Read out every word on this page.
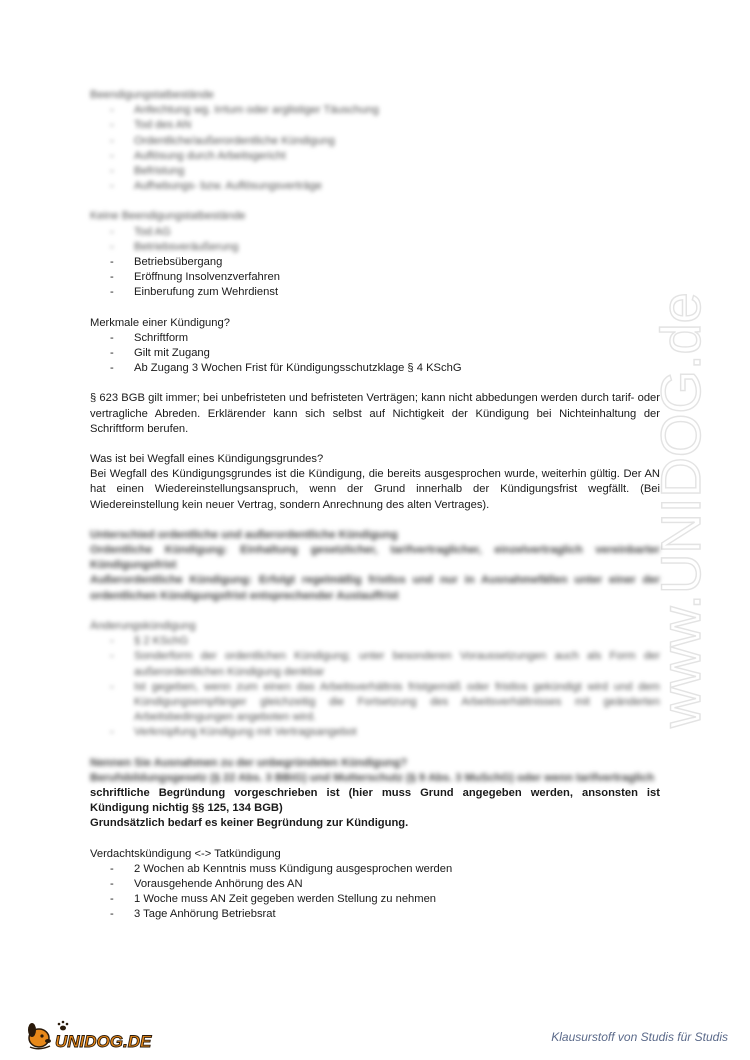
www.UNIDOG.de

Beendigungstatbestände

- Anfechtung wg. Irrtum oder arglistiger Täuschung
- Tod des AN
- Ordentliche/außerordentliche Kündigung
- Auflösung durch Arbeitsgericht
- Befristung
- Aufhebungs- bzw. Auflösungsverträge

Keine Beendigungstatbestände

- Tod AG
- Betriebsveräußerung
- Betriebsübergang
- Eröffnung Insolvenzverfahren
- Einberufung zum Wehrdienst

Merkmale einer Kündigung?

- Schriftform
- Gilt mit Zugang
- Ab Zugang 3 Wochen Frist für Kündigungsschutzklage § 4 KSchG

§ 623 BGB gilt immer; bei unbefristeten und befristeten Verträgen; kann nicht abbedungen werden durch tarif- oder vertragliche Abreden. Erklärender kann sich selbst auf Nichtigkeit der Kündigung bei Nichteinhaltung der Schriftform berufen.

Was ist bei Wegfall eines Kündigungsgrundes?

Bei Wegfall des Kündigungsgrundes ist die Kündigung, die bereits ausgesprochen wurde, weiterhin gültig. Der AN hat einen Wiedereinstellungsanspruch, wenn der Grund innerhalb der Kündigungsfrist wegfällt. (Bei Wiedereinstellung kein neuer Vertrag, sondern Anrechnung des alten Vertrages).

Unterschied ordentliche und außerordentliche Kündigung

Ordentliche Kündigung: Einhaltung gesetzlicher, tarifvertraglicher, einzelvertraglich vereinbarter Kündigungsfrist

Außerordentliche Kündigung: Erfolgt regelmäßig fristlos und nur in Ausnahmefällen unter einer der ordentlichen Kündigungsfrist entsprechender Auslauffrist

Änderungskündigung

- § 2 KSchG
- Sonderform der ordentlichen Kündigung; unter besonderen Voraussetzungen auch als Form der außerordentlichen Kündigung denkbar
- Ist gegeben, wenn zum einen das Arbeitsverhältnis fristgemäß oder fristlos gekündigt wird und dem Kündigungsempfänger gleichzeitig die Fortsetzung des Arbeitsverhältnisses mit geänderten Arbeitsbedingungen angeboten wird.
- Verknüpfung Kündigung mit Vertragsangebot

Nennen Sie Ausnahmen zu der unbegründeten Kündigung?

Berufsbildungsgesetz (§ 22 Abs. 3 BBiG) und Mutterschutz (§ 9 Abs. 3 MuSchG) oder wenn tarifvertraglich

schriftliche Begründung vorgeschrieben ist (hier muss Grund angegeben werden, ansonsten ist Kündigung nichtig §§ 125, 134 BGB)

Grundsätzlich bedarf es keiner Begründung zur Kündigung.

Verdachtskündigung <-> Tatkündigung

- 2 Wochen ab Kenntnis muss Kündigung ausgesprochen werden
- Vorausgehende Anhörung des AN
- 1 Woche muss AN Zeit gegeben werden Stellung zu nehmen
- 3 Tage Anhörung Betriebsrat
UNIDOG.DE	Klausurstoff von Studis für Studis
